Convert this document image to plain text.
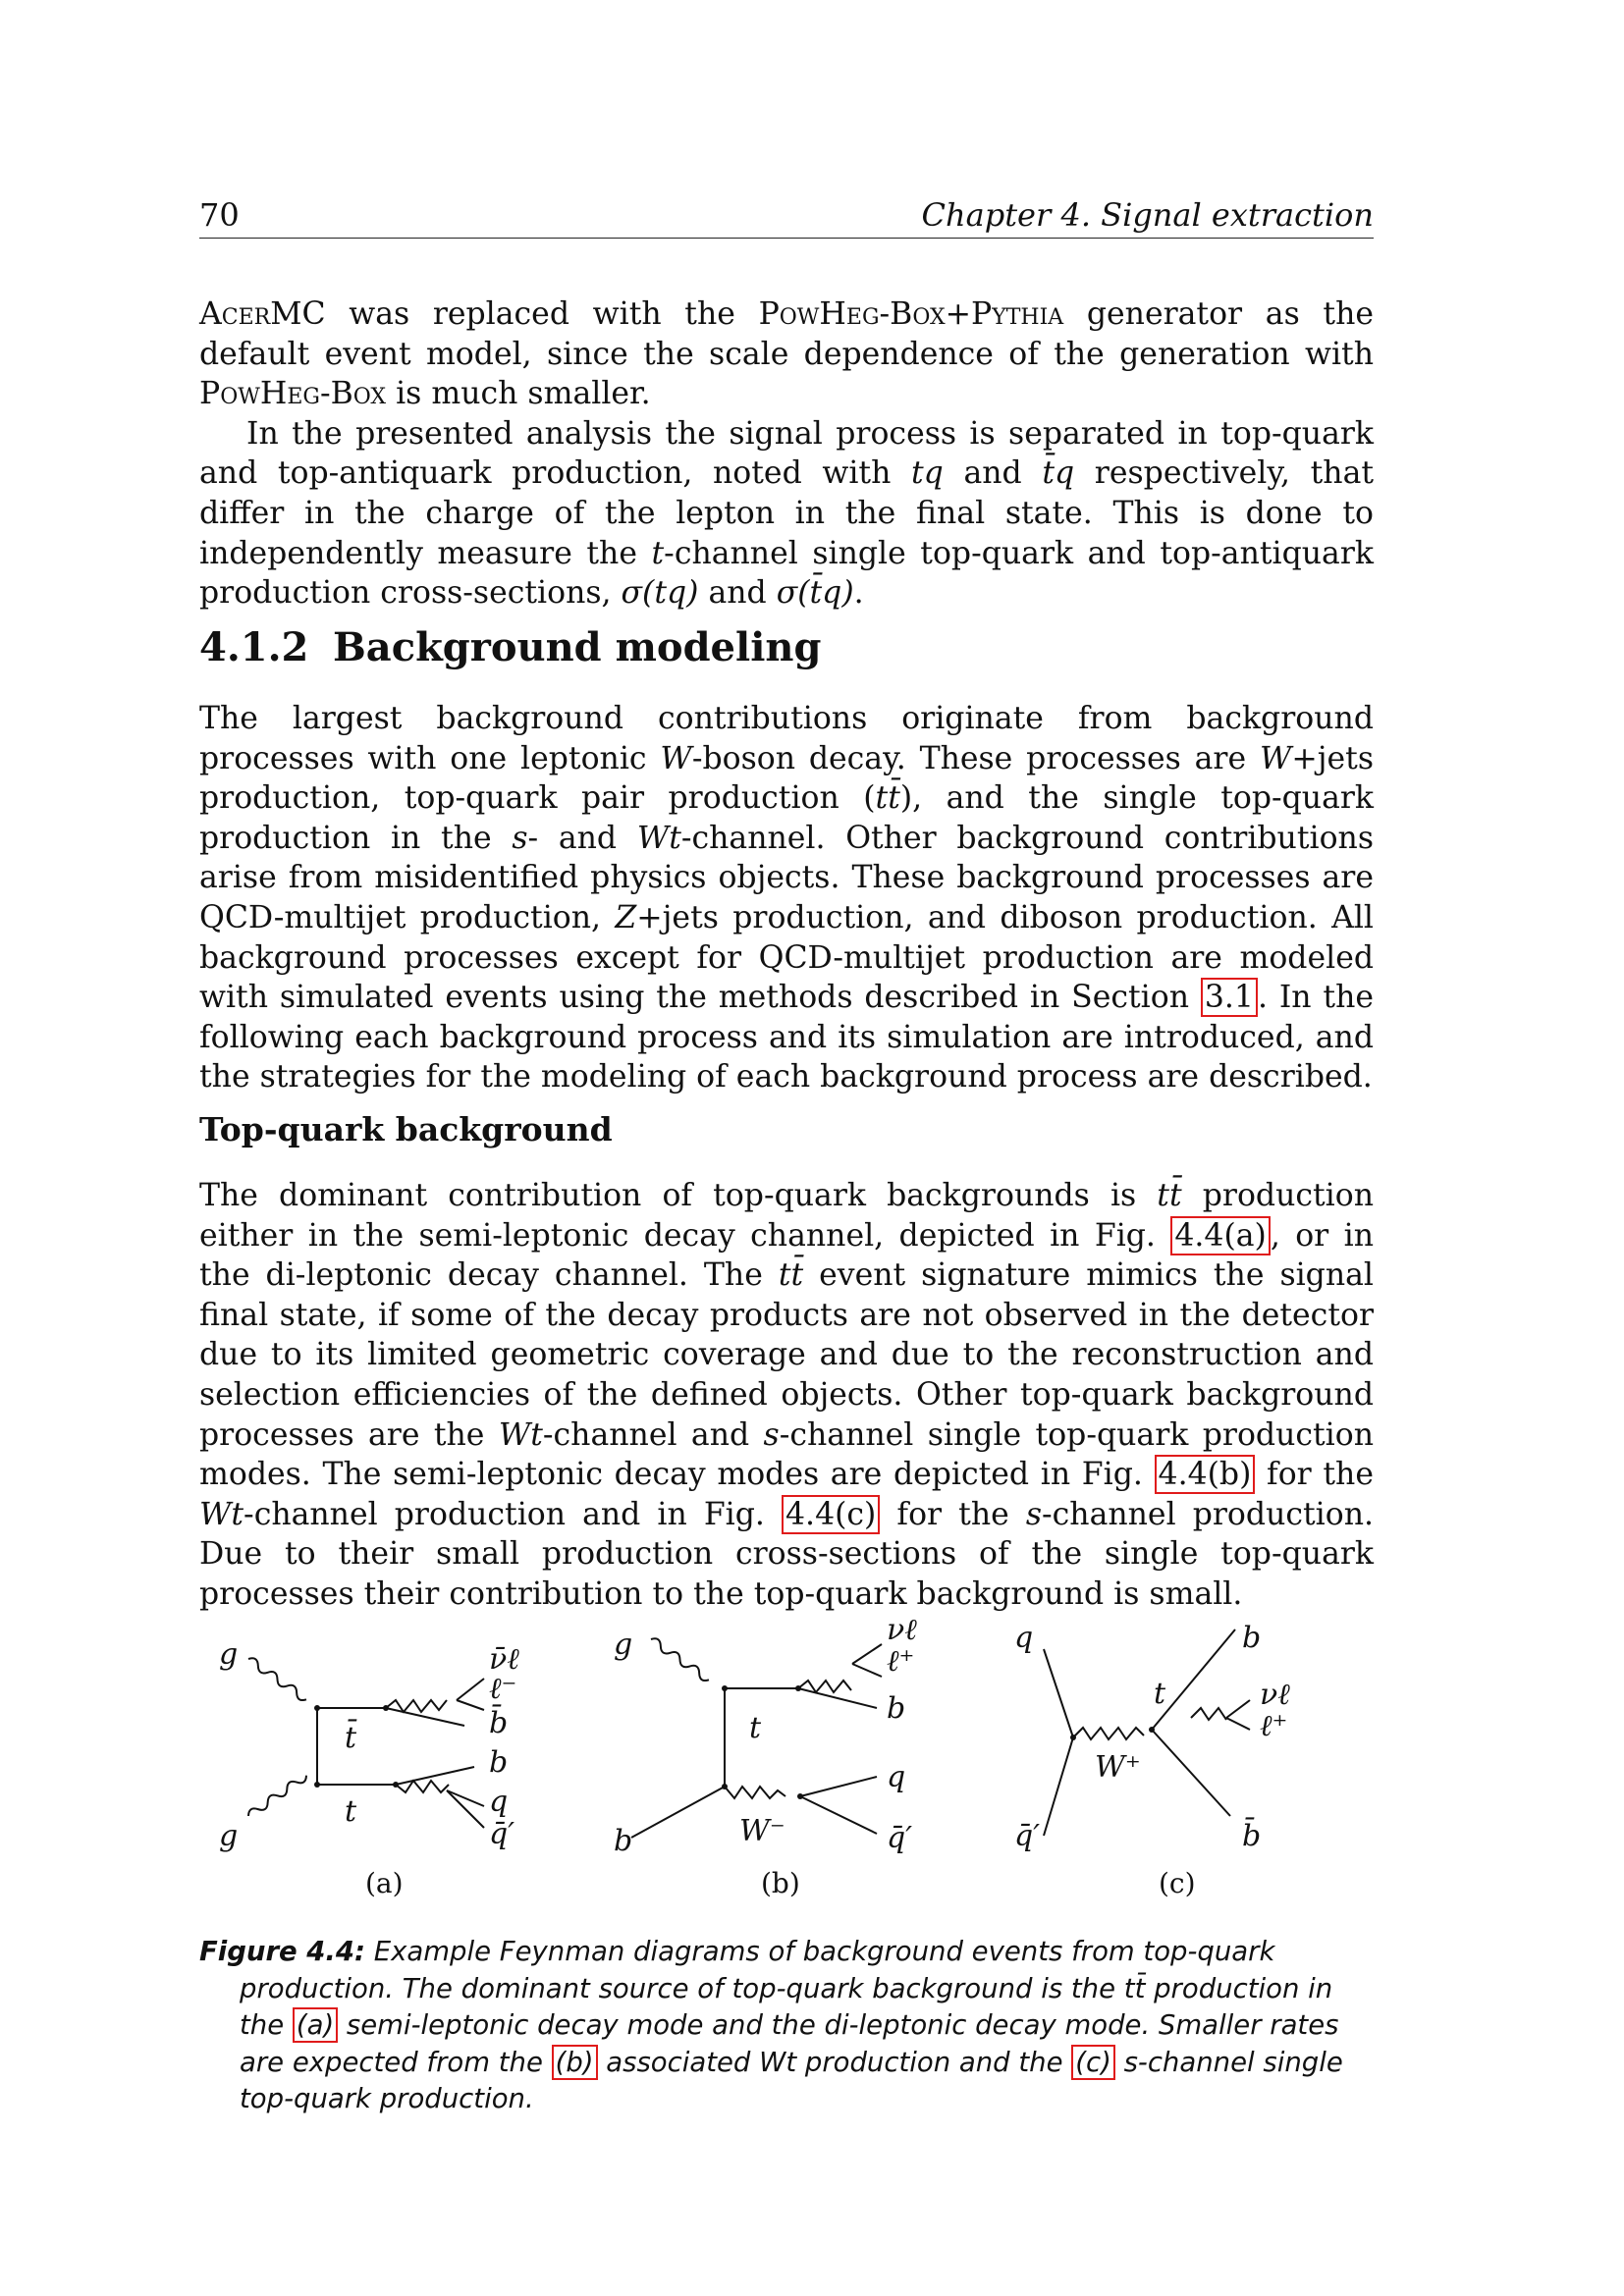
70	Chapter 4. Signal extraction

AcerMC was replaced with the PowHeg-Box+Pythia generator as the default event model, since the scale dependence of the generation with PowHeg-Box is much smaller.

In the presented analysis the signal process is separated in top-quark and top-antiquark production, noted with tq and t̄q respectively, that differ in the charge of the lepton in the final state. This is done to independently measure the t-channel single top-quark and top-antiquark production cross-sections, σ(tq) and σ(t̄q).

4.1.2 Background modeling

The largest background contributions originate from background processes with one leptonic W-boson decay. These processes are W+jets production, top-quark pair production (tt̄), and the single top-quark production in the s- and Wt-channel. Other background contributions arise from misidentified physics objects. These background processes are QCD-multijet production, Z+jets production, and diboson production. All background processes except for QCD-multijet production are modeled with simulated events using the methods described in Section 3.1 . In the following each background process and its simulation are introduced, and the strategies for the modeling of each background process are described.

Top-quark background

The dominant contribution of top-quark backgrounds is tt̄ production either in the semi-leptonic decay channel, depicted in Fig. 4.4(a) , or in the di-leptonic decay channel. The tt̄ event signature mimics the signal final state, if some of the decay products are not observed in the detector due to its limited geometric coverage and due to the reconstruction and selection efficiencies of the defined objects. Other top-quark background processes are the Wt-channel and s-channel single top-quark production modes. The semi-leptonic decay modes are depicted in Fig. 4.4(b) for the Wt-channel production and in Fig. 4.4(c) for the s-channel production. Due to their small production cross-sections of the single top-quark processes their contribution to the top-quark background is small.

g
g
t̄
t
ν̄ℓ
ℓ⁻
b̄
b
q
q̄′
g
b
t
W⁻
νℓ
ℓ⁺
b
q
q̄′
q
q̄′
W⁺
t
b
νℓ
ℓ⁺
b̄
(a)	(b)	(c)
Figure 4.4: Example Feynman diagrams of background events from top-quark production. The dominant source of top-quark background is the tt̄ production in the (a) semi-leptonic decay mode and the di-leptonic decay mode. Smaller rates are expected from the (b) associated Wt production and the (c) s-channel single top-quark production.
